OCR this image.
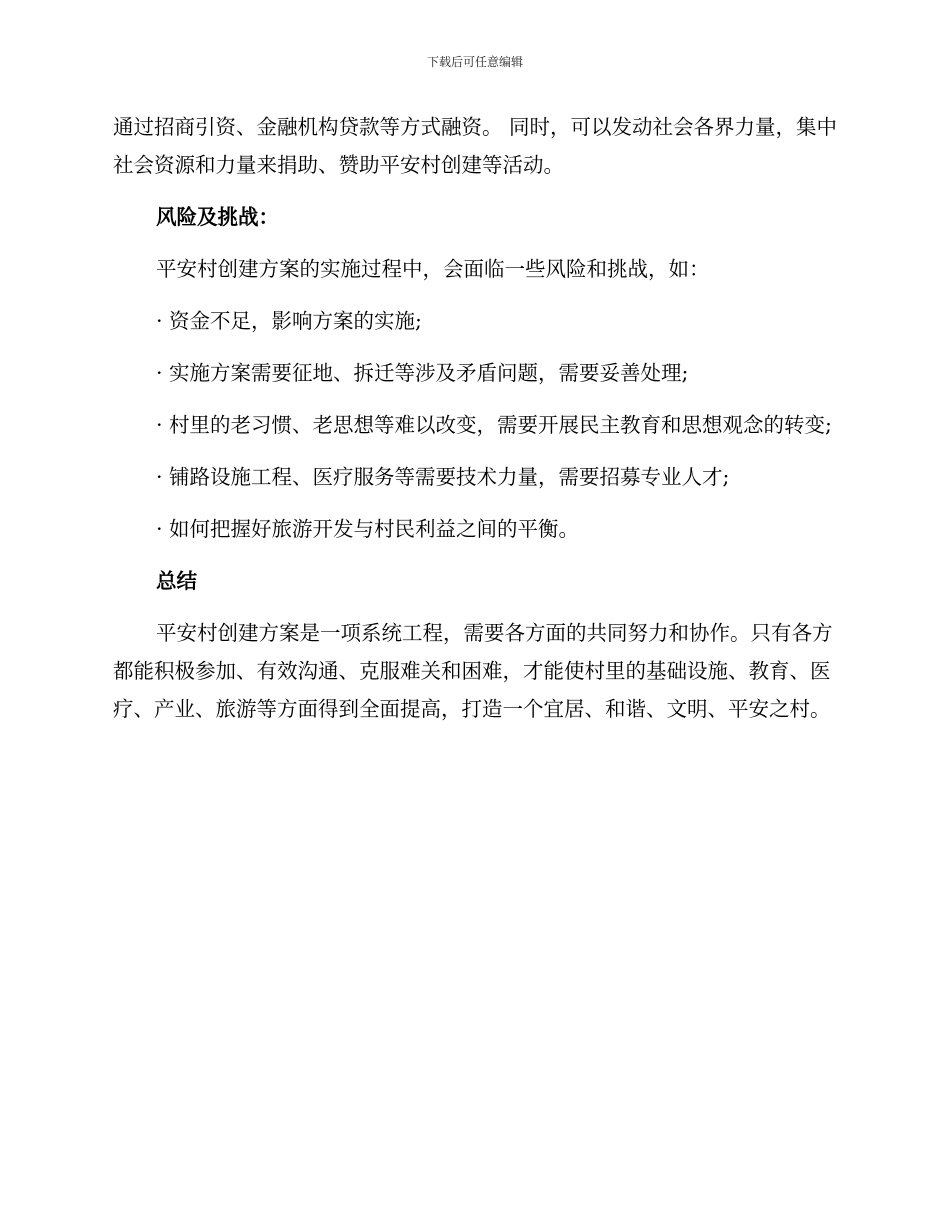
下载后可任意编辑

通过招商引资、金融机构贷款等方式融资。 同时，可以发动社会各界力量，集中社会资源和力量来捐助、赞助平安村创建等活动。

风险及挑战：

平安村创建方案的实施过程中，会面临一些风险和挑战，如：

· 资金不足，影响方案的实施;

· 实施方案需要征地、拆迁等涉及矛盾问题，需要妥善处理;

· 村里的老习惯、老思想等难以改变，需要开展民主教育和思想观念的转变;

· 铺路设施工程、医疗服务等需要技术力量，需要招募专业人才;

· 如何把握好旅游开发与村民利益之间的平衡。

总结

平安村创建方案是一项系统工程，需要各方面的共同努力和协作。只有各方都能积极参加、有效沟通、克服难关和困难，才能使村里的基础设施、教育、医疗、产业、旅游等方面得到全面提高，打造一个宜居、和谐、文明、平安之村。
